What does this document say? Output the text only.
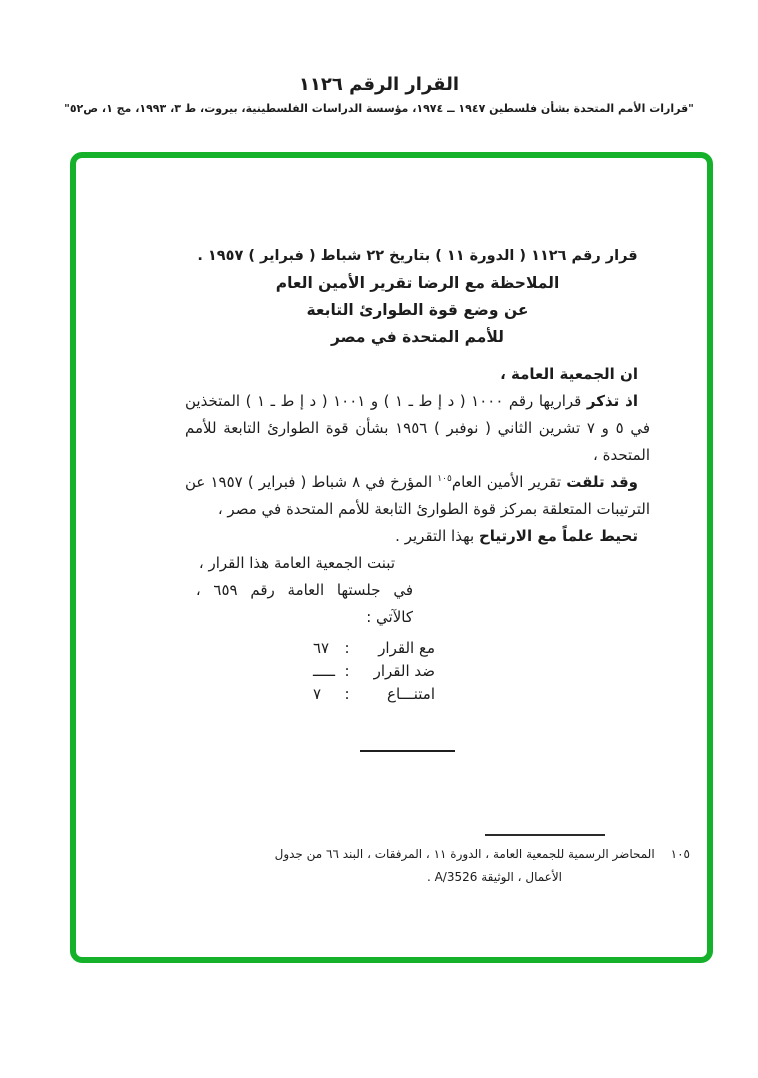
القرار الرقم ١١٢٦
"قرارات الأمم المتحدة بشأن فلسطين ١٩٤٧ ــ ١٩٧٤، مؤسسة الدراسات الفلسطينية، بيروت، ط ٣، ١٩٩٣، مج ١، ص٥٢"
قرار رقم ١١٢٦ ( الدورة ١١ ) بتاريخ ٢٢ شباط ( فبراير ) ١٩٥٧ .
الملاحظة مع الرضا تقرير الأمين العام
عن وضع قوة الطوارئ التابعة
للأمم المتحدة في مصر

ان الجمعية العامة ،

اذ تذكر قراريها رقم ١٠٠٠ ( د إ ط ـ ١ ) و ١٠٠١ ( د إ ط ـ ١ ) المتخذين في ٥ و ٧ تشرين الثاني ( نوفبر ) ١٩٥٦ بشأن قوة الطوارئ التابعة للأمم المتحدة ،

وقد تلقت تقرير الأمين العام$^{١٠٥}$ المؤرخ في ٨ شباط ( فبراير ) ١٩٥٧ عن الترتيبات المتعلقة بمركز قوة الطوارئ التابعة للأمم المتحدة في مصر ،

تحيط علماً مع الارتياح بهذا التقرير .

تبنت الجمعية العامة هذا القرار ،
في جلستها العامة رقم ٦٥٩ ،
كالآتي :
مع القرار
:
٦٧
ضد القرار
:
ـــــ
امتنـــاع
:
٧
١٠٥المحاضر الرسمية للجمعية العامة ، الدورة ١١ ، المرفقات ، البند ٦٦ من جدول
الأعمال ، الوثيقة A/3526 .
